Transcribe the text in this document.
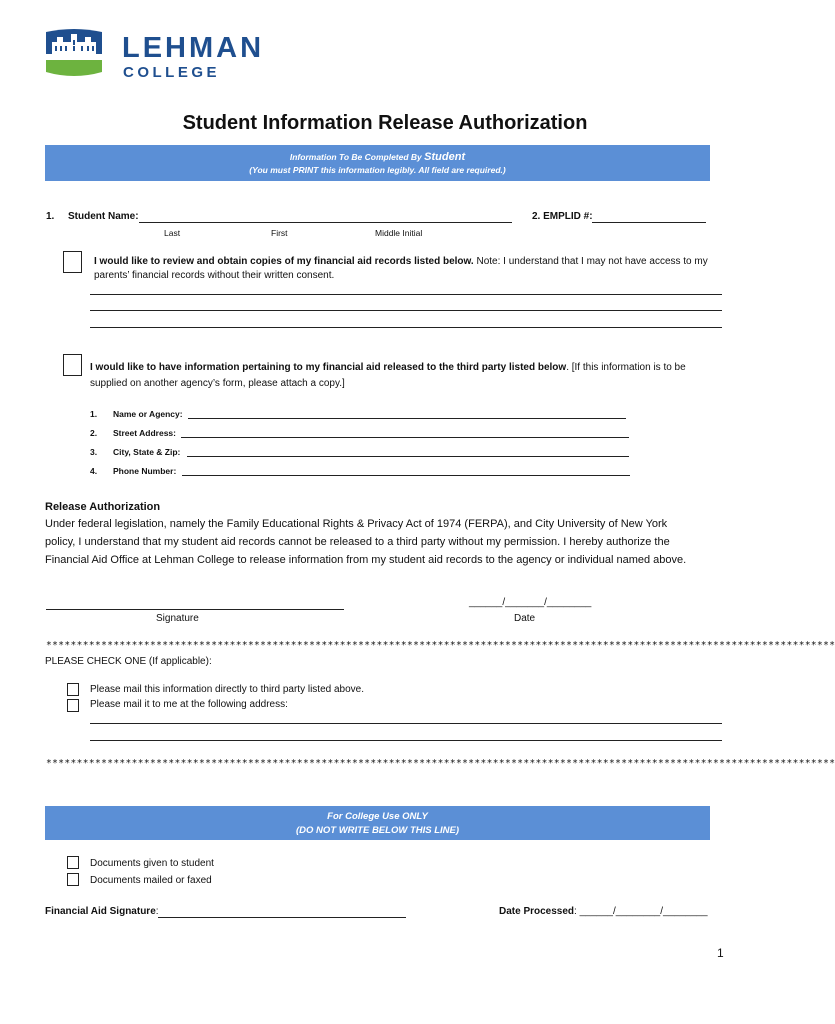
LEHMAN
COLLEGE
Student Information Release Authorization
Information To Be Completed By Student
(You must PRINT this information legibly. All field are required.)
1. Student Name:
Last	First	Middle Initial
2. EMPLID #:
I would like to review and obtain copies of my financial aid records listed below. Note: I understand that I may not have access to my
parents’ financial records without their written consent.
I would like to have information pertaining to my financial aid released to the third party listed below. [If this information is to be
supplied on another agency’s form, please attach a copy.]
1. Name or Agency:
2. Street Address:
3. City, State & Zip:
4. Phone Number:
Release Authorization
Under federal legislation, namely the Family Educational Rights & Privacy Act of 1974 (FERPA), and City University of New York
policy, I understand that my student aid records cannot be released to a third party without my permission. I hereby authorize the
Financial Aid Office at Lehman College to release information from my student aid records to the agency or individual named above.
Signature
______/_______/________
Date
*********************************************************************************************************************************
PLEASE CHECK ONE (If applicable):
Please mail this information directly to third party listed above.
Please mail it to me at the following address:
*********************************************************************************************************************************
For College Use ONLY
(DO NOT WRITE BELOW THIS LINE)
Documents given to student
Documents mailed or faxed
Financial Aid Signature:	Date Processed: ______/________/________
1
